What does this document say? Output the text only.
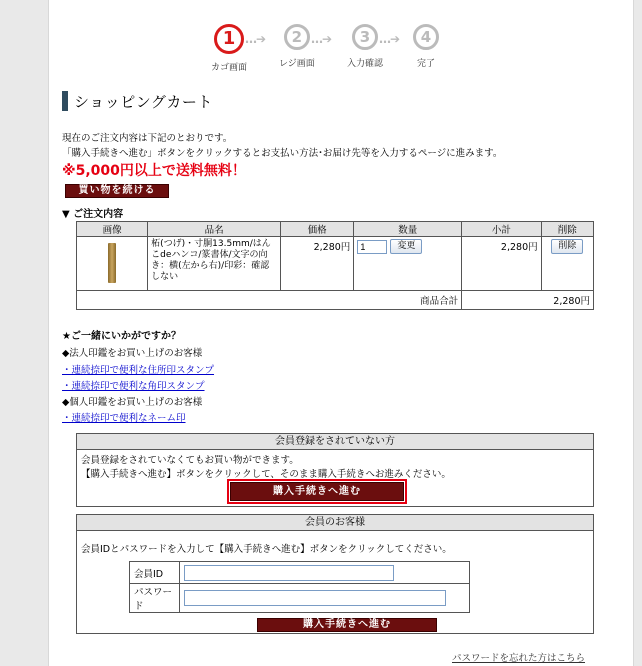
1
カゴ画面
…➔	2
レジ画面
…➔	3
入力確認
…➔	4
完了
ショッピングカート
現在のご注文内容は下記のとおりです。
「購入手続きへ進む」ボタンをクリックするとお支払い方法･お届け先等を入力するページに進みます。
※5,000円以上で送料無料！
買い物を続ける
▼ ご注文内容
画像	品名	価格	数量	小計	削除

	柘(つげ)・寸胴13.5mm/はんこdeハンコ/篆書体/文字の向き：横(左から右)/印彩：確認しない	2,280円	1変更	2,280円	削除
商品合計				2,280円	
★ご一緒にいかがですか？
◆法人印鑑をお買い上げのお客様
・連続捺印で便利な住所印スタンプ
・連続捺印で便利な角印スタンプ
◆個人印鑑をお買い上げのお客様
・連続捺印で便利なネーム印
会員登録をされていない方
会員登録をされていなくてもお買い物ができます。
【購入手続きへ進む】ボタンをクリックして、そのまま購入手続きへお進みください。
購入手続きへ進む
会員のお客様
会員IDとパスワードを入力して【購入手続きへ進む】ボタンをクリックしてください。
会員ID	
パスワード	
購入手続きへ進む
パスワードを忘れた方はこちら
